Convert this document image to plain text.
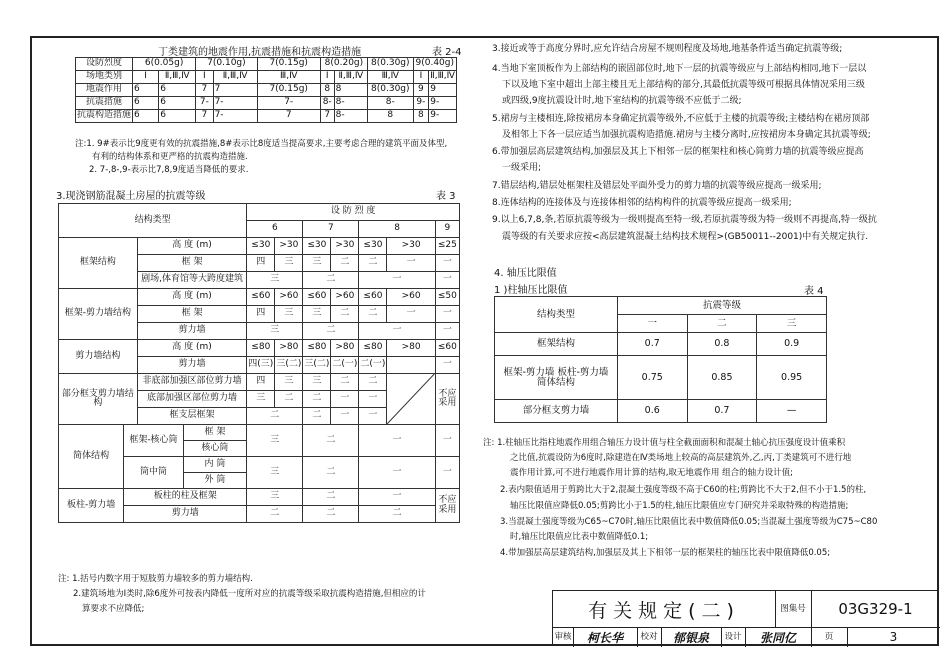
丁类建筑的地震作用,抗震措施和抗震构造措施	表 2-4
设防烈度	6(0.05g)		7(0.10g)		7(0.15g)	8(0.20g)		8(0.30g)	9(0.40g)	
场地类别	Ⅰ	Ⅱ,Ⅲ,Ⅳ	Ⅰ	Ⅱ,Ⅲ,Ⅳ	Ⅲ,Ⅳ	Ⅰ	Ⅱ,Ⅲ,Ⅳ	Ⅲ,Ⅳ	Ⅰ	Ⅱ,Ⅲ,Ⅳ
地震作用	6	6	7	7	7(0.15g)	8	8	8(0.30g)	9	9
抗震措施	6	6	7-	7-	7-	8-	8-	8-	9-	9-
抗震构造措施	6	6	7	7-	7	7	8-	8	8	9-
注:1. 9#表示比9度更有效的抗震措施,8#表示比8度适当提高要求,主要考虑合理的建筑平面及体型,
有利的结构体系和更严格的抗震构造措施.
2. 7-,8-,9-表示比7,8,9度适当降低的要求.
3.现浇钢筋混凝土房屋的抗震等级	表 3
结构类型				设 防 烈 度						
				6		7		8		9
框架结构		高 度 (m)		≤30	>30	≤30	>30	≤30	>30	≤25
		框 架		四	三	三	二	二	一	一
		剧场,体育馆等大跨度建筑		三		二		一		一
框架-剪力墙结构		高 度 (m)		≤60	>60	≤60	>60	≤60	>60	≤50
		框 架		四	三	三	二	二	一	一
		剪力墙		三		二		一		一
剪力墙结构		高 度 (m)		≤80	>80	≤80	>80	≤80	>80	≤60
		剪力墙		四(三)	三(二)	三(二)	二(一)	二(一)		一
部分框支剪力墙结构		非底部加强区部位剪力墙		四	三	三	二	二		不应采用
		底部加强区部位剪力墙		三	二	二	一	一		
		框支层框架		二		二	一	一		
简体结构	框架-核心筒		框 架	三		二		一		一
			核心筒							
	筒中筒		内 筒	三		二		一		一
			外 筒							
板柱-剪力墙	板柱的柱及框架			三		二		一		不应采用
	剪力墙			二		二		二		
注: 1.括号内数字用于短肢剪力墙较多的剪力墙结构.
2.建筑场地为Ⅰ类时,除6度外可按表内降低一度所对应的抗震等级采取抗震构造措施,但相应的计
算要求不应降低;
3.接近或等于高度分界时,应允许结合房屋不规则程度及场地,地基条件适当确定抗震等级;
4.当地下室顶板作为上部结构的嵌固部位时,地下一层的抗震等级应与上部结构相同,地下一层以
下以及地下室中超出上部主楼且无上部结构的部分,其最低抗震等级可根据具体情况采用三级
或四级,9度抗震设计时,地下室结构的抗震等级不应低于二级;
5.裙房与主楼相连,除按裙房本身确定抗震等级外,不应低于主楼的抗震等级;主楼结构在裙房顶部
及相邻上下各一层应适当加强抗震构造措施.裙房与主楼分离时,应按裙房本身确定其抗震等级;
6.带加强层高层建筑结构,加强层及其上下相邻一层的框架柱和核心筒剪力墙的抗震等级应提高
一级采用;
7.错层结构,错层处框架柱及错层处平面外受力的剪力墙的抗震等级应提高一级采用;
8.连体结构的连接体及与连接体相邻的结构构件的抗震等级应提高一级采用;
9.以上6,7,8,条,若原抗震等级为一级则提高至特一级,若原抗震等级为特一级则不再提高,特一级抗
震等级的有关要求应按<高层建筑混凝土结构技术规程>(GB50011--2001)中有关规定执行.
4. 轴压比限值
1 )柱轴压比限值	表 4
结构类型	抗震等级		
	一	二	三
框架结构	0.7	0.8	0.9

框架-剪力墙 板柱-剪力墙
简体结构	0.75	0.85	0.95
部分框支剪力墙	0.6	0.7	—
注: 1.柱轴压比指柱地震作用组合轴压力设计值与柱全截面面积和混凝土轴心抗压强度设计值乘积
之比值,抗震设防为6度时,除建造在Ⅳ类场地上较高的高层建筑外,乙,丙,丁类建筑可不进行地
震作用计算,可不进行地震作用计算的结构,取无地震作用 组合的轴力设计值;
2.表内限值适用于剪跨比大于2,混凝土强度等级不高于C60的柱;剪跨比不大于2,但不小于1.5的柱,
轴压比限值应降低0.05;剪跨比小于1.5的柱,轴压比限值应专门研究并采取特殊的构造措施;
3.当混凝土强度等级为C65~C70时,轴压比限值比表中数值降低0.05;当混凝土强度等级为C75~C80
时,轴压比限值应比表中数值降低0.1;
4.带加强层高层建筑结构,加强层及其上下相邻一层的框架柱的轴压比表中限值降低0.05;
有关规定(二)	图集号	03G329-1
审核	柯长华	校对	郁银泉	设计	张同亿	页	3
